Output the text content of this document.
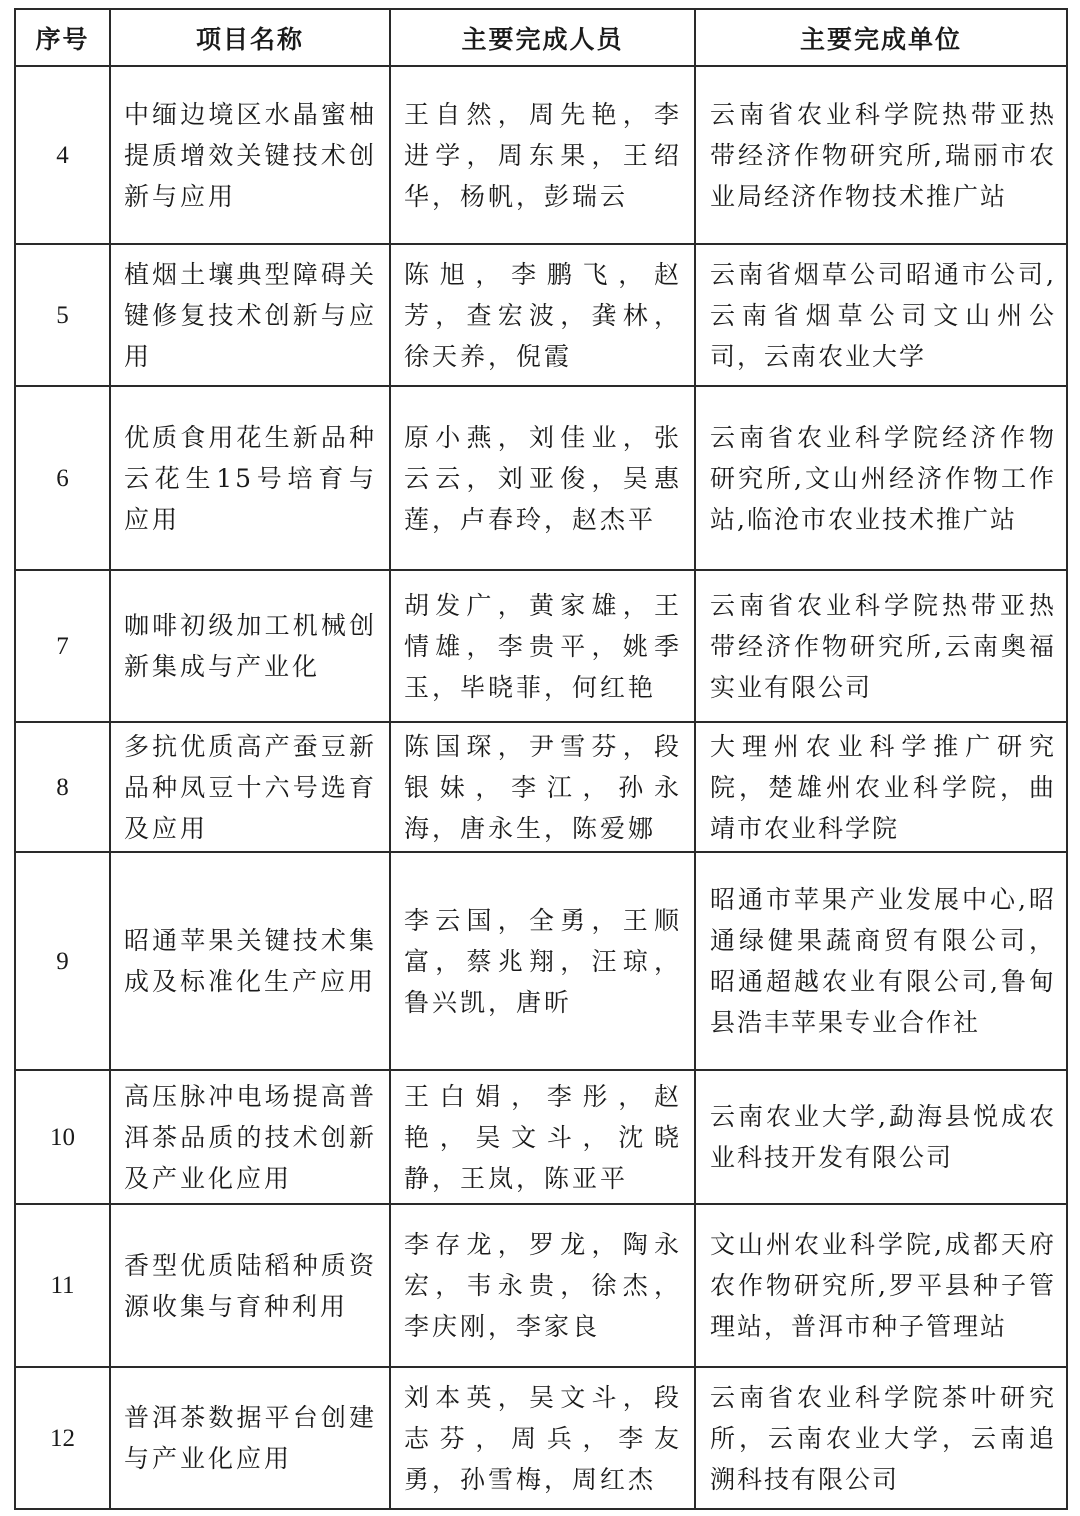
序号	项目名称	主要完成人员	主要完成单位
4	中缅边境区水晶蜜柚提质增效关键技术创新与应用	王自然，周先艳，李进学，周东果，王绍华，杨帆，彭瑞云	云南省农业科学院热带亚热带经济作物研究所,瑞丽市农业局经济作物技术推广站
5	植烟土壤典型障碍关键修复技术创新与应用	陈旭，李鹏飞，赵芳，查宏波，龚林，徐天养，倪霞	云南省烟草公司昭通市公司,云南省烟草公司文山州公司，云南农业大学
6	优质食用花生新品种云花生15号培育与应用	原小燕，刘佳业，张云云，刘亚俊，吴惠莲，卢春玲，赵杰平	云南省农业科学院经济作物研究所,文山州经济作物工作站,临沧市农业技术推广站
7	咖啡初级加工机械创新集成与产业化	胡发广，黄家雄，王情雄，李贵平，姚季玉，毕晓菲，何红艳	云南省农业科学院热带亚热带经济作物研究所,云南奥福实业有限公司
8	多抗优质高产蚕豆新品种凤豆十六号选育及应用	陈国琛，尹雪芬，段银妹，李江，孙永海，唐永生，陈爱娜	大理州农业科学推广研究院，楚雄州农业科学院，曲靖市农业科学院
9	昭通苹果关键技术集成及标准化生产应用	李云国，全勇，王顺富，蔡兆翔，汪琼，鲁兴凯，唐昕	昭通市苹果产业发展中心,昭通绿健果蔬商贸有限公司，昭通超越农业有限公司,鲁甸县浩丰苹果专业合作社
10	高压脉冲电场提高普洱茶品质的技术创新及产业化应用	王白娟，李彤，赵艳，吴文斗，沈晓静，王岚，陈亚平	云南农业大学,勐海县悦成农业科技开发有限公司
11	香型优质陆稻种质资源收集与育种利用	李存龙，罗龙，陶永宏，韦永贵，徐杰，李庆刚，李家良	文山州农业科学院,成都天府农作物研究所,罗平县种子管理站，普洱市种子管理站
12	普洱茶数据平台创建与产业化应用	刘本英，吴文斗，段志芬，周兵，李友勇，孙雪梅，周红杰	云南省农业科学院茶叶研究所，云南农业大学，云南追溯科技有限公司
